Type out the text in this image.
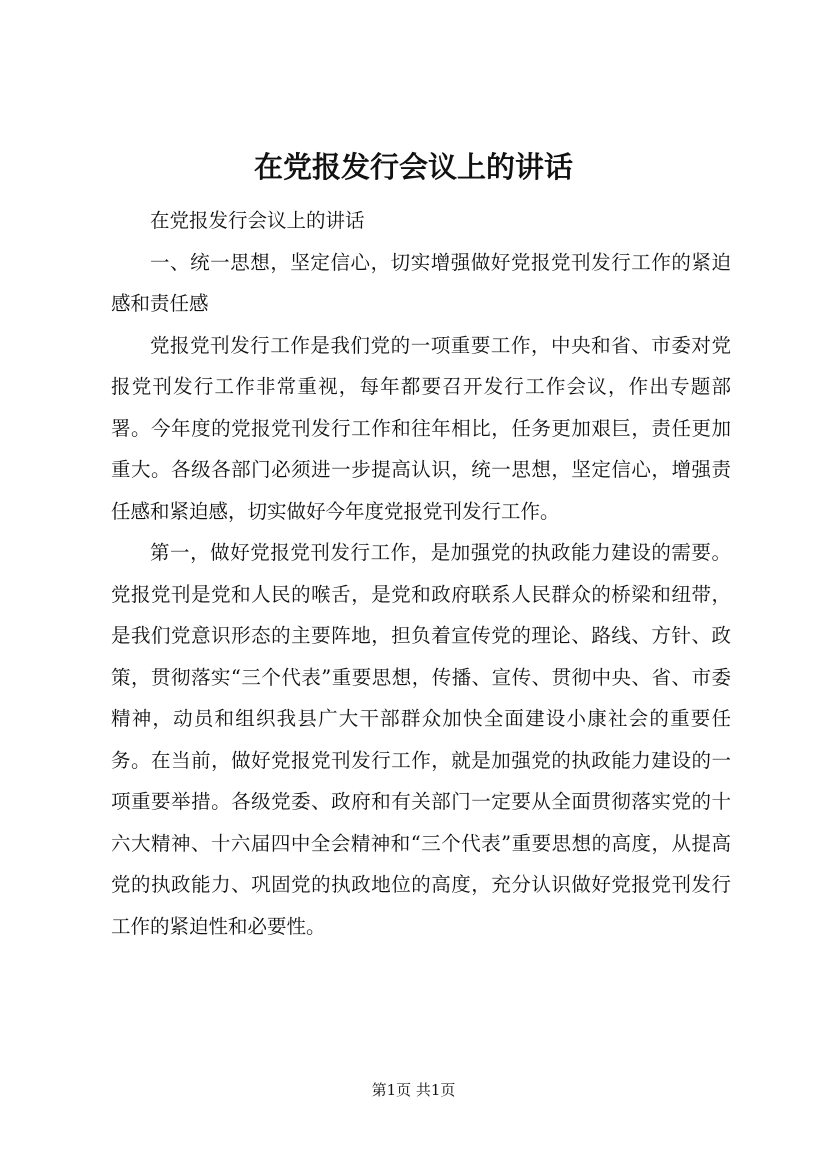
在党报发行会议上的讲话

在党报发行会议上的讲话

一、统一思想，坚定信心，切实增强做好党报党刊发行工作的紧迫感和责任感

党报党刊发行工作是我们党的一项重要工作，中央和省、市委对党报党刊发行工作非常重视，每年都要召开发行工作会议，作出专题部署。今年度的党报党刊发行工作和往年相比，任务更加艰巨，责任更加重大。各级各部门必须进一步提高认识，统一思想，坚定信心，增强责任感和紧迫感，切实做好今年度党报党刊发行工作。

第一，做好党报党刊发行工作，是加强党的执政能力建设的需要。党报党刊是党和人民的喉舌，是党和政府联系人民群众的桥梁和纽带，是我们党意识形态的主要阵地，担负着宣传党的理论、路线、方针、政策，贯彻落实“三个代表”重要思想，传播、宣传、贯彻中央、省、市委精神，动员和组织我县广大干部群众加快全面建设小康社会的重要任务。在当前，做好党报党刊发行工作，就是加强党的执政能力建设的一项重要举措。各级党委、政府和有关部门一定要从全面贯彻落实党的十六大精神、十六届四中全会精神和“三个代表”重要思想的高度，从提高党的执政能力、巩固党的执政地位的高度，充分认识做好党报党刊发行工作的紧迫性和必要性。

第1页 共1页
